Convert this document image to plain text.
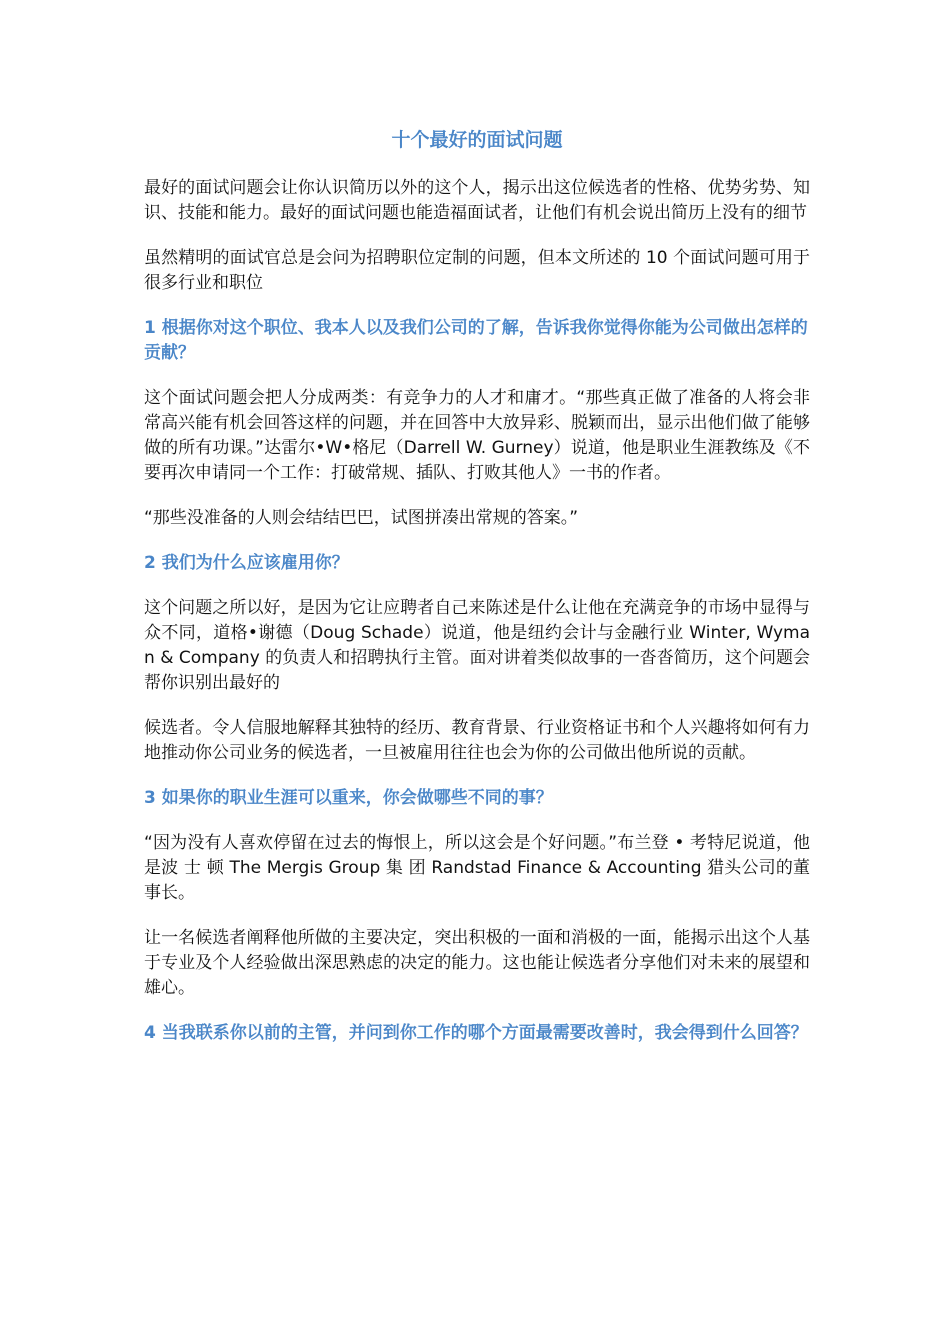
十个最好的面试问题

最好的面试问题会让你认识简历以外的这个人，揭示出这位候选者的性格、优势劣势、知识、技能和能力。最好的面试问题也能造福面试者，让他们有机会说出简历上没有的细节

虽然精明的面试官总是会问为招聘职位定制的问题，但本文所述的 10 个面试问题可用于很多行业和职位

1 根据你对这个职位、我本人以及我们公司的了解，告诉我你觉得你能为公司做出怎样的贡献？

这个面试问题会把人分成两类：有竞争力的人才和庸才。“那些真正做了准备的人将会非常高兴能有机会回答这样的问题，并在回答中大放异彩、脱颖而出，显示出他们做了能够做的所有功课。”达雷尔•W•格尼（Darrell W. Gurney）说道，他是职业生涯教练及《不要再次申请同一个工作：打破常规、插队、打败其他人》一书的作者。

“那些没准备的人则会结结巴巴，试图拼凑出常规的答案。”

2 我们为什么应该雇用你？

这个问题之所以好，是因为它让应聘者自己来陈述是什么让他在充满竞争的市场中显得与众不同，道格•谢德（Doug Schade）说道，他是纽约会计与金融行业 Winter, Wyman & Company 的负责人和招聘执行主管。面对讲着类似故事的一沓沓简历，这个问题会帮你识别出最好的

候选者。令人信服地解释其独特的经历、教育背景、行业资格证书和个人兴趣将如何有力地推动你公司业务的候选者，一旦被雇用往往也会为你的公司做出他所说的贡献。

3 如果你的职业生涯可以重来，你会做哪些不同的事？

“因为没有人喜欢停留在过去的悔恨上，所以这会是个好问题。”布兰登 • 考特尼说道，他是波 士 顿 The Mergis Group 集 团 Randstad Finance & Accounting 猎头公司的董事长。

让一名候选者阐释他所做的主要决定，突出积极的一面和消极的一面，能揭示出这个人基于专业及个人经验做出深思熟虑的决定的能力。这也能让候选者分享他们对未来的展望和雄心。

4 当我联系你以前的主管，并问到你工作的哪个方面最需要改善时，我会得到什么回答？
